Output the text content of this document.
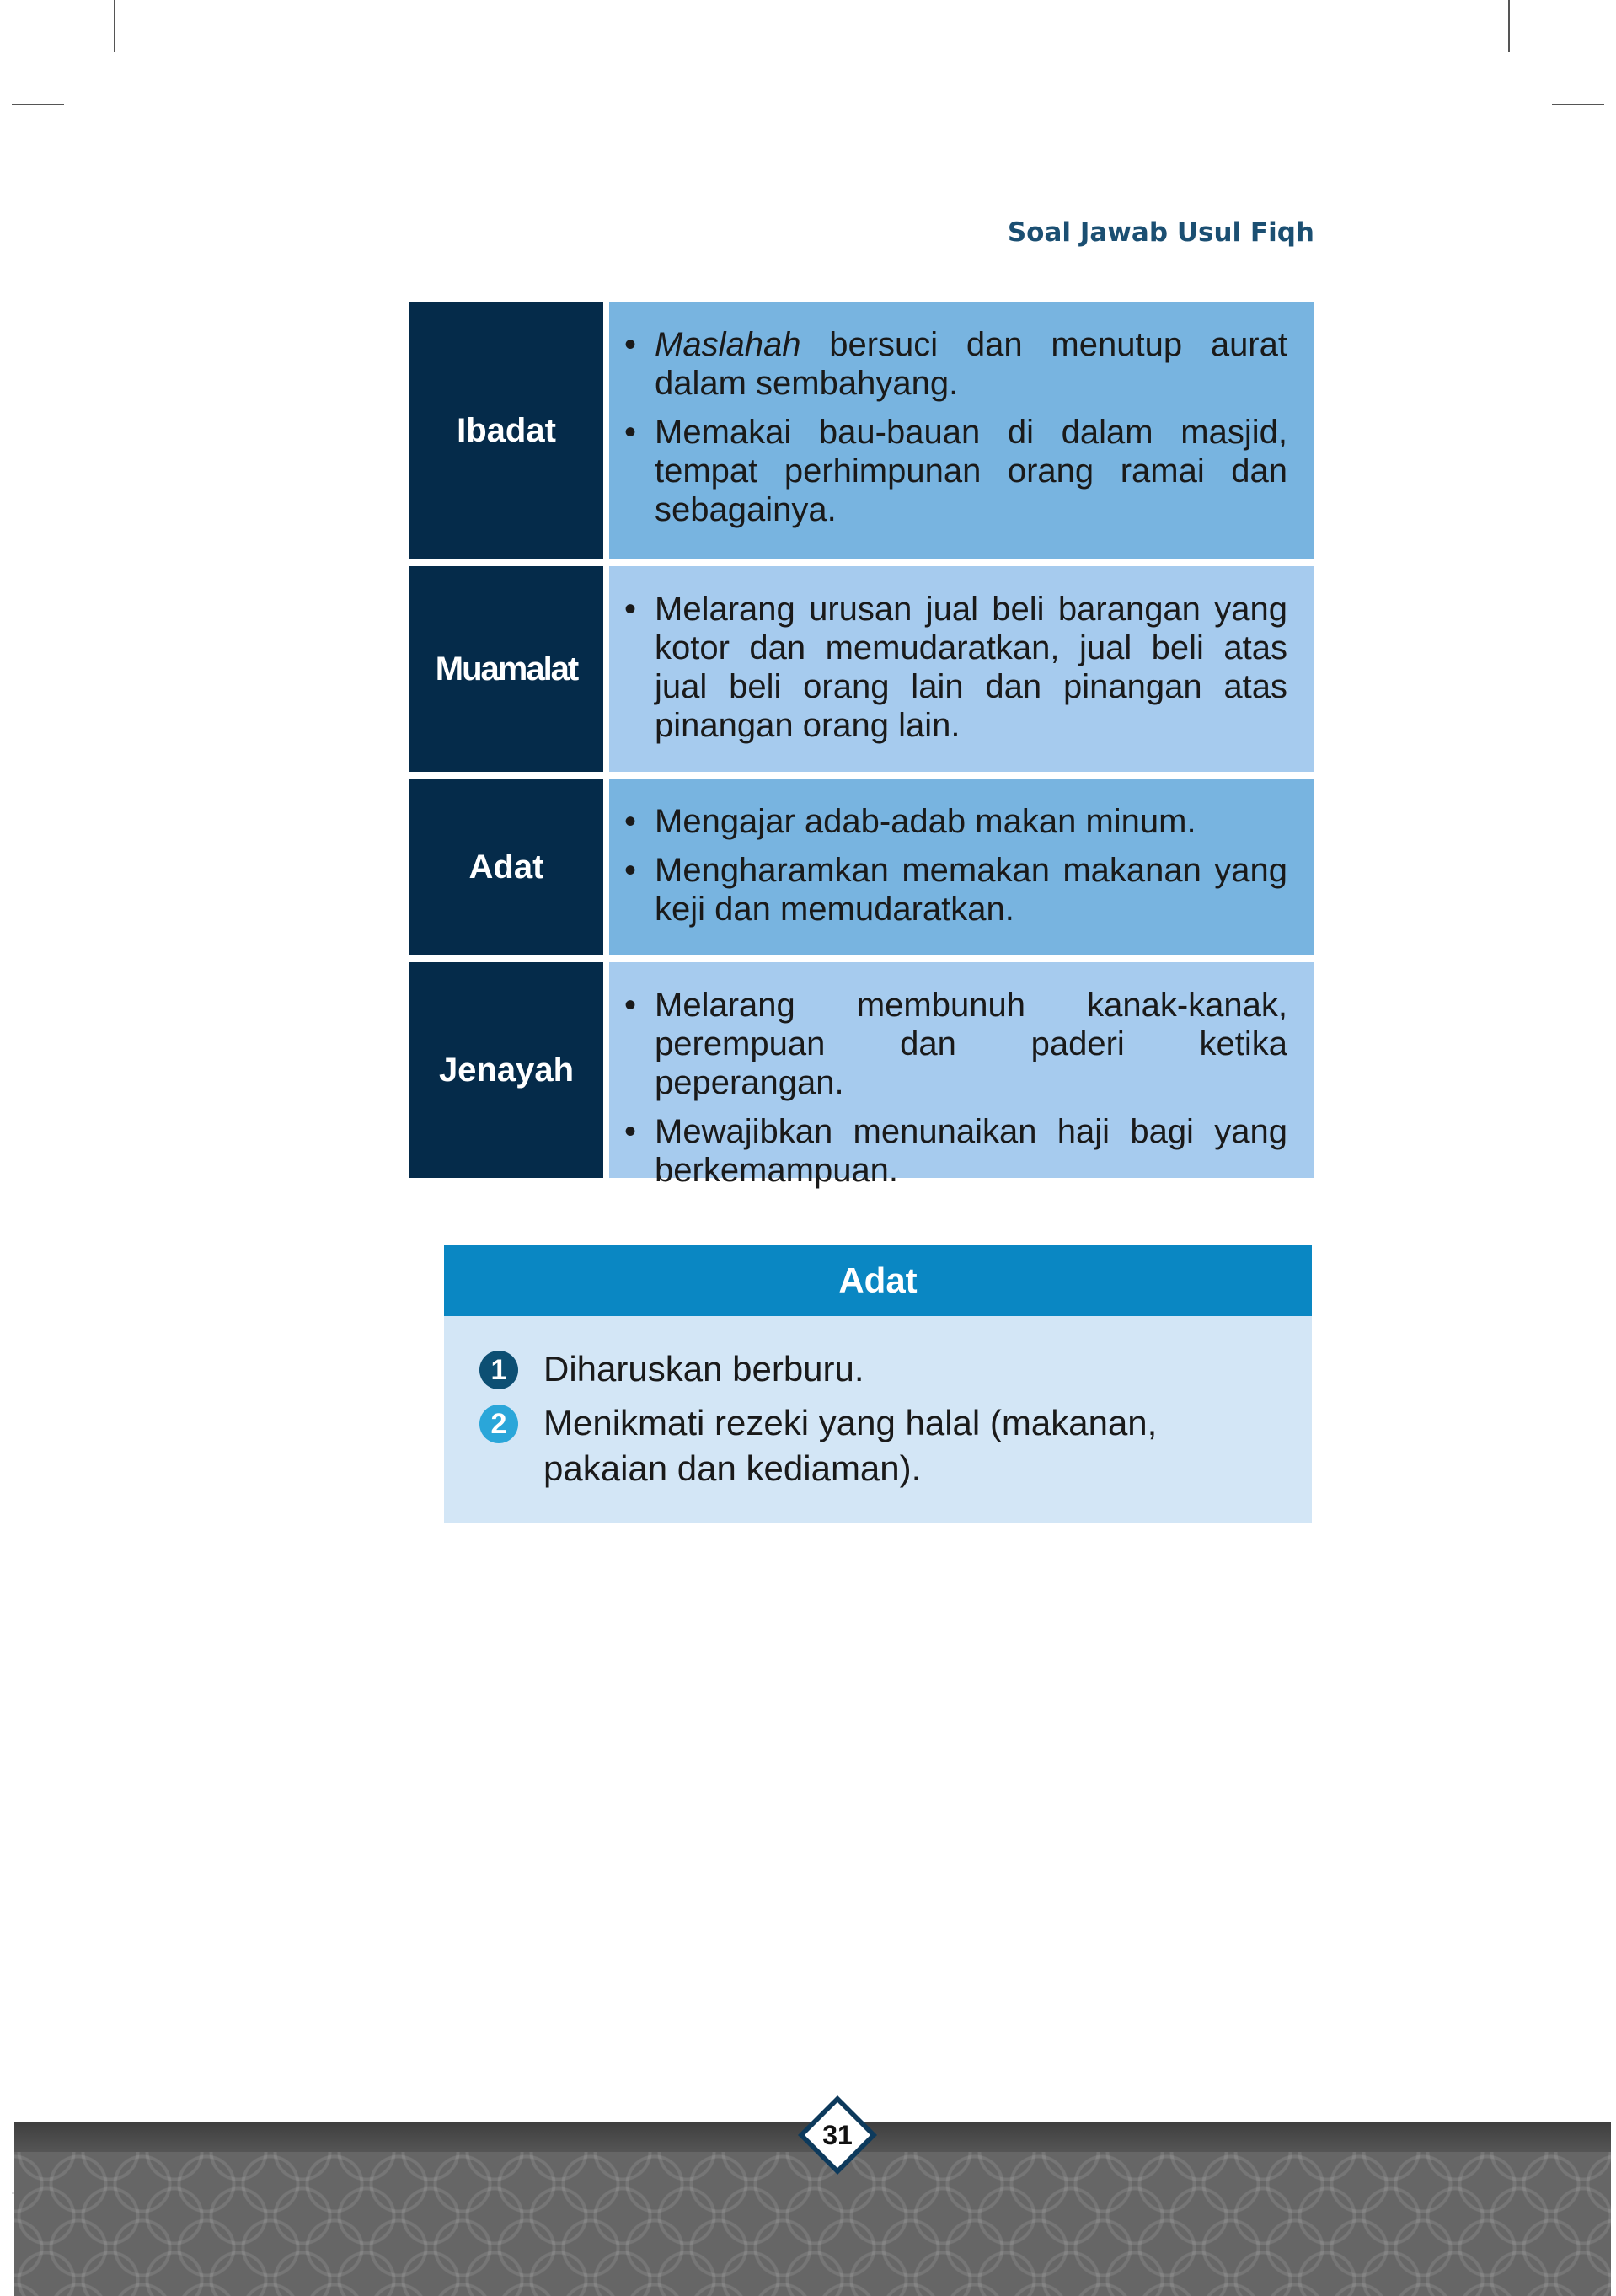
Soal Jawab Usul Fiqh
Ibadat
• Maslahah bersuci dan menutup aurat dalam sembahyang.
• Memakai bau-bauan di dalam masjid, tempat perhimpunan orang ramai dan sebagainya.
Muamalat
• Melarang urusan jual beli barangan yang kotor dan memudaratkan, jual beli atas jual beli orang lain dan pinangan atas pinangan orang lain.
Adat
• Mengajar adab-adab makan minum.
• Mengharamkan memakan makanan yang keji dan memudaratkan.
Jenayah
• Melarang membunuh kanak-kanak, perempuan dan paderi ketika peperangan.
• Mewajibkan menunaikan haji bagi yang berkemampuan.
Adat
1	Diharuskan berburu.
2	Menikmati rezeki yang halal (makanan, pakaian dan kediaman).
31
